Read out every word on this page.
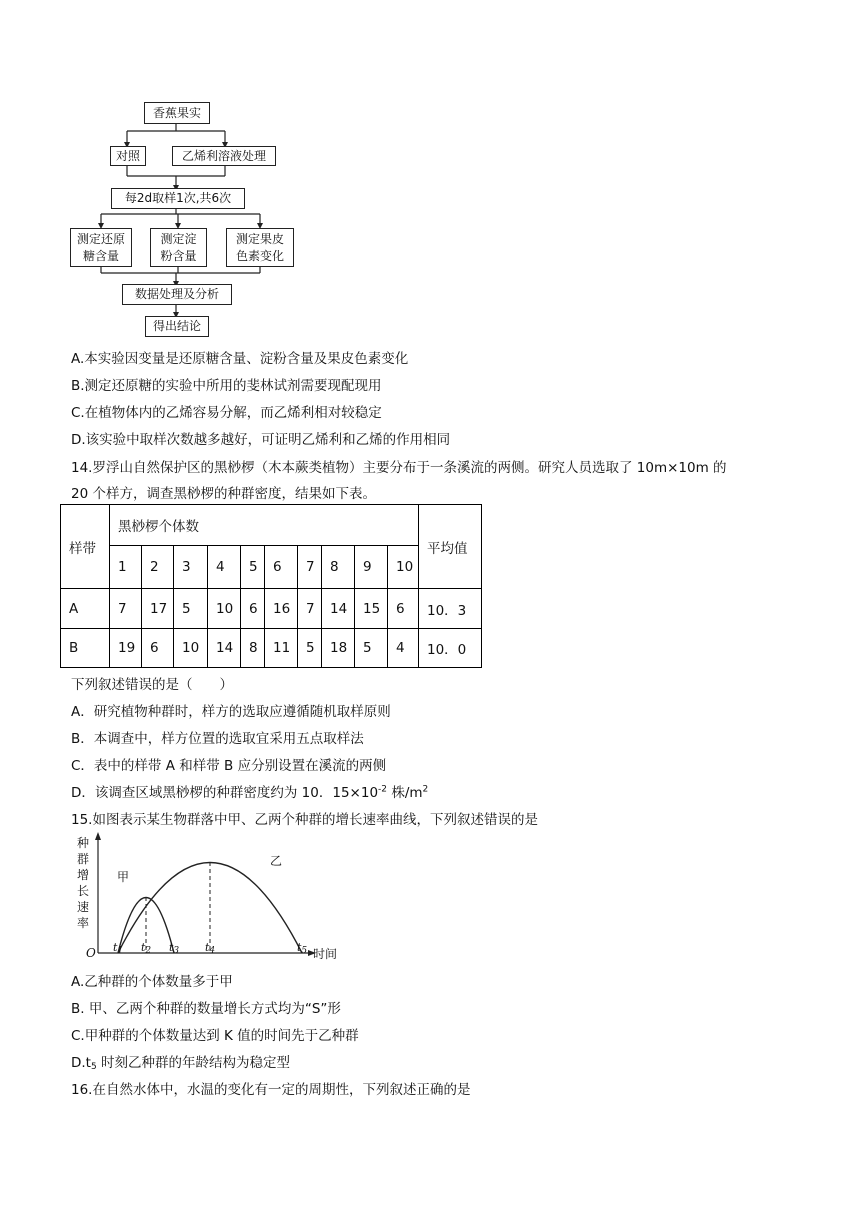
香蕉果实
对照	乙烯利溶液处理
每2d取样1次,共6次
测定还原
糖含量
测定淀
粉含量
测定果皮
色素变化
数据处理及分析
得出结论
A.本实验因变量是还原糖含量、淀粉含量及果皮色素变化
B.测定还原糖的实验中所用的斐林试剂需要现配现用
C.在植物体内的乙烯容易分解，而乙烯利相对较稳定
D.该实验中取样次数越多越好，可证明乙烯利和乙烯的作用相同
14.罗浮山自然保护区的黑桫椤（木本蕨类植物）主要分布于一条溪流的两侧。研究人员选取了 10m×10m 的
20 个样方，调查黑桫椤的种群密度，结果如下表。
样带	黑桫椤个体数										平均值
	1	2	3	4	5	6	7	8	9	10	
A	7	17	5	10	6	16	7	14	15	6	10．3
B	19	6	10	14	8	11	5	18	5	4	10．0
下列叙述错误的是（　　）
A．研究植物种群时，样方的选取应遵循随机取样原则
B．本调查中，样方位置的选取宜采用五点取样法
C．表中的样带 A 和样带 B 应分别设置在溪流的两侧
D．该调查区域黑桫椤的种群密度约为 10．$15\times 10^{-2}$ 株$/m^2$
15.如图表示某生物群落中甲、乙两个种群的增长速率曲线，下列叙述错误的是
种
群
增
长
速
率
O
甲
乙
t1 t2 t3 t4	t5 时间
A.乙种群的个体数量多于甲
B. 甲、乙两个种群的数量增长方式均为“S”形
C.甲种群的个体数量达到 K 值的时间先于乙种群
D.t5 时刻乙种群的年龄结构为稳定型
16.在自然水体中，水温的变化有一定的周期性，下列叙述正确的是
